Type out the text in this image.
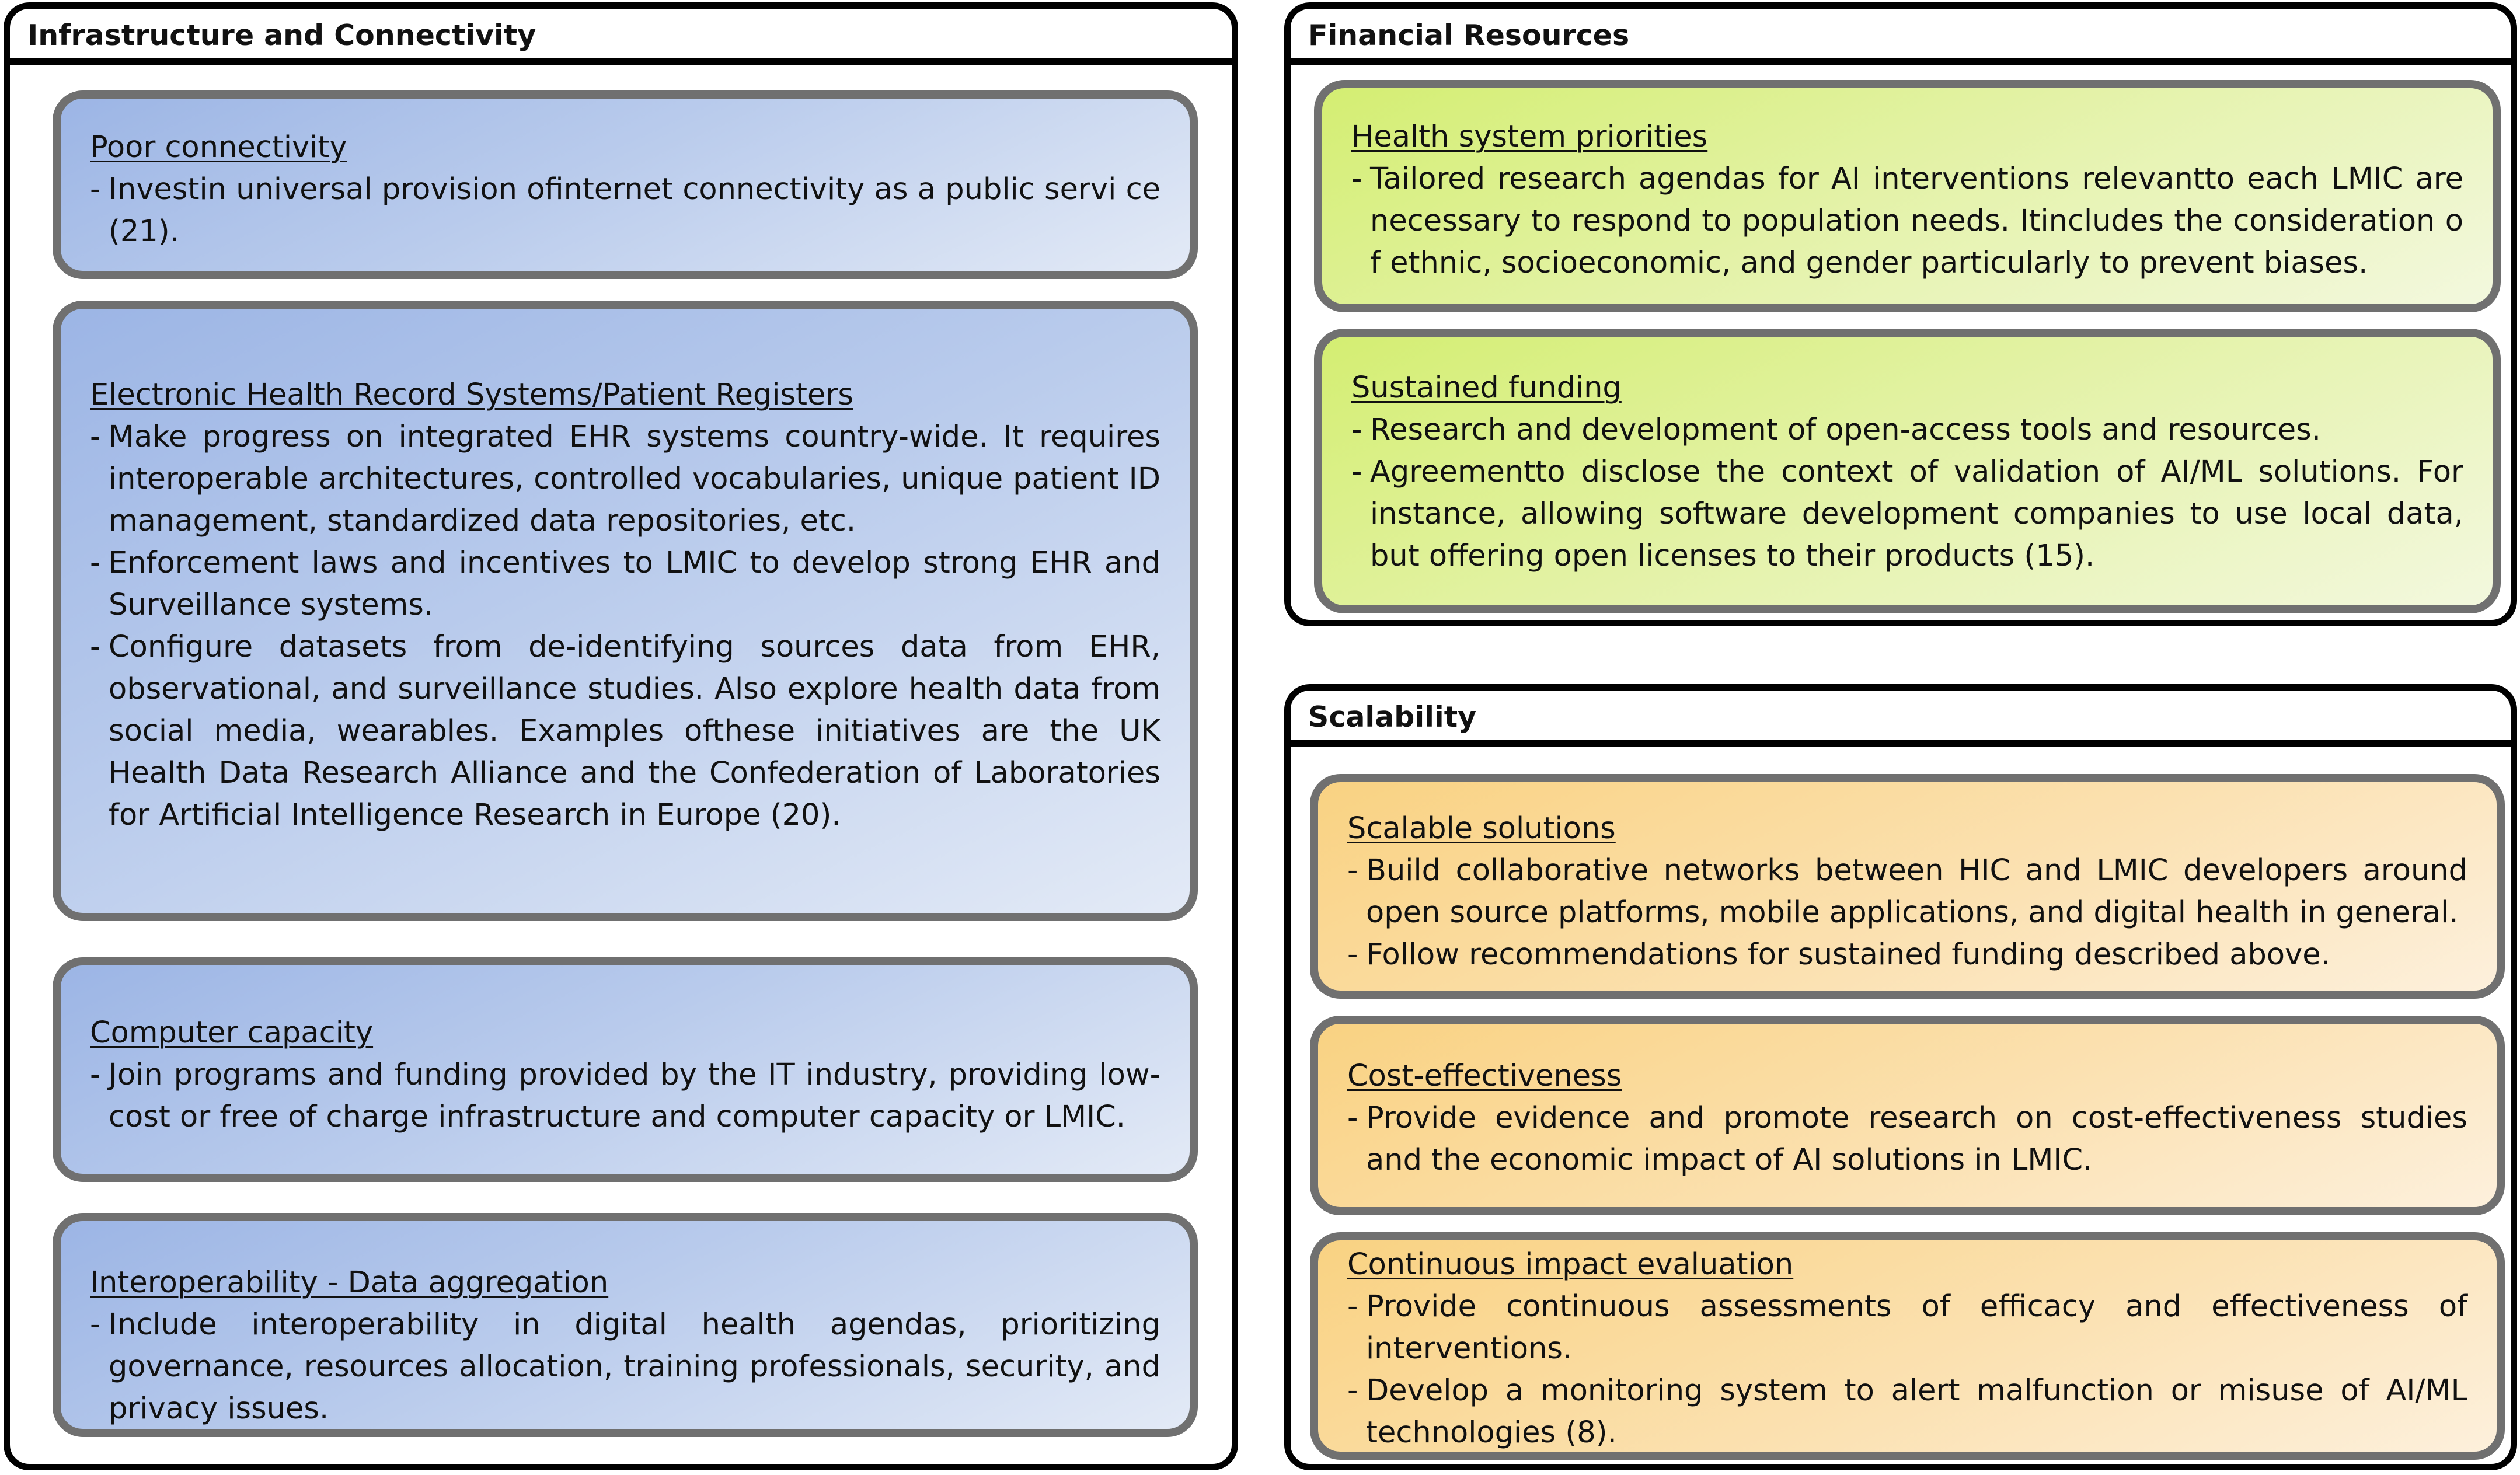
Infrastructure and Connectivity
Poor connectivity
- Investin universal provision ofinternet connectivity as a public servi ce (21).
Electronic Health Record Systems/Patient Registers
- Make progress on integrated EHR systems country-wide. It requires interoperable architectures, controlled vocabularies, unique patient ID management, standardized data repositories, etc.
- Enforcement laws and incentives to LMIC to develop strong EHR and Surveillance systems.
- Configure datasets from de-identifying sources data from EHR, observational, and surveillance studies. Also explore health data from social media, wearables. Examples ofthese initiatives are the UK Health Data Research Alliance and the Confederation of Laboratories for Artificial Intelligence Research in Europe (20).
Computer capacity
- Join programs and funding provided by the IT industry, providing low-cost or free of charge infrastructure and computer capacity or LMIC.
Interoperability - Data aggregation
- Include interoperability in digital health agendas, prioritizing governance, resources allocation, training professionals, security, and privacy issues.
Financial Resources
Health system priorities
- Tailored research agendas for AI interventions relevantto each LMIC are necessary to respond to population needs. Itincludes the consideration o f ethnic, socioeconomic, and gender particularly to prevent biases.
Sustained funding
- Research and development of open-access tools and resources.
- Agreementto disclose the context of validation of AI/ML solutions. For instance, allowing software development companies to use local data, but offering open licenses to their products (15).
Scalability
Scalable solutions
- Build collaborative networks between HIC and LMIC developers around open source platforms, mobile applications, and digital health in general.
- Follow recommendations for sustained funding described above.
Cost-effectiveness
- Provide evidence and promote research on cost-effectiveness studies and the economic impact of AI solutions in LMIC.
Continuous impact evaluation
- Provide continuous assessments of efficacy and effectiveness of interventions.
- Develop a monitoring system to alert malfunction or misuse of AI/ML technologies (8).
